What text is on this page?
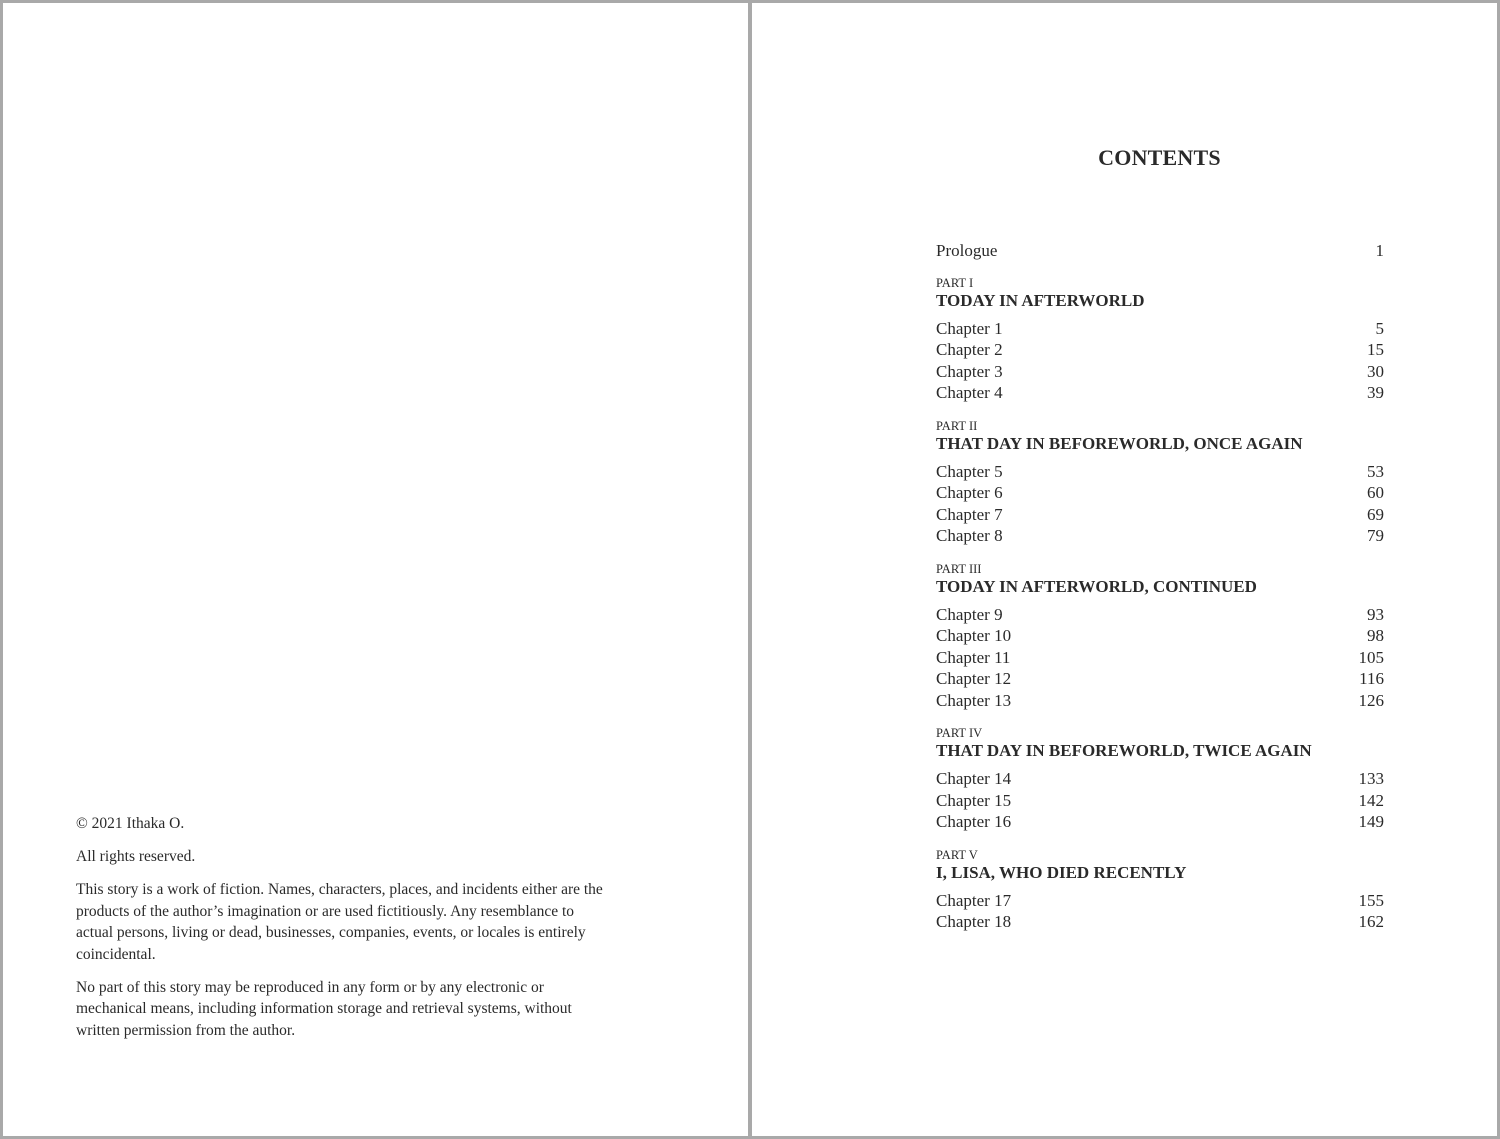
© 2021 Ithaka O.

All rights reserved.

This story is a work of fiction. Names, characters, places, and incidents either are the products of the author’s imagination or are used fictitiously. Any resemblance to actual persons, living or dead, businesses, companies, events, or locales is entirely coincidental.

No part of this story may be reproduced in any form or by any electronic or mechanical means, including information storage and retrieval systems, without written permission from the author.

CONTENTS
Prologue	1
PART I
TODAY IN AFTERWORLD
Chapter 1	5
Chapter 2	15
Chapter 3	30
Chapter 4	39
PART II
THAT DAY IN BEFOREWORLD, ONCE AGAIN
Chapter 5	53
Chapter 6	60
Chapter 7	69
Chapter 8	79
PART III
TODAY IN AFTERWORLD, CONTINUED
Chapter 9	93
Chapter 10	98
Chapter 11	105
Chapter 12	116
Chapter 13	126
PART IV
THAT DAY IN BEFOREWORLD, TWICE AGAIN
Chapter 14	133
Chapter 15	142
Chapter 16	149
PART V
I, LISA, WHO DIED RECENTLY
Chapter 17	155
Chapter 18	162
